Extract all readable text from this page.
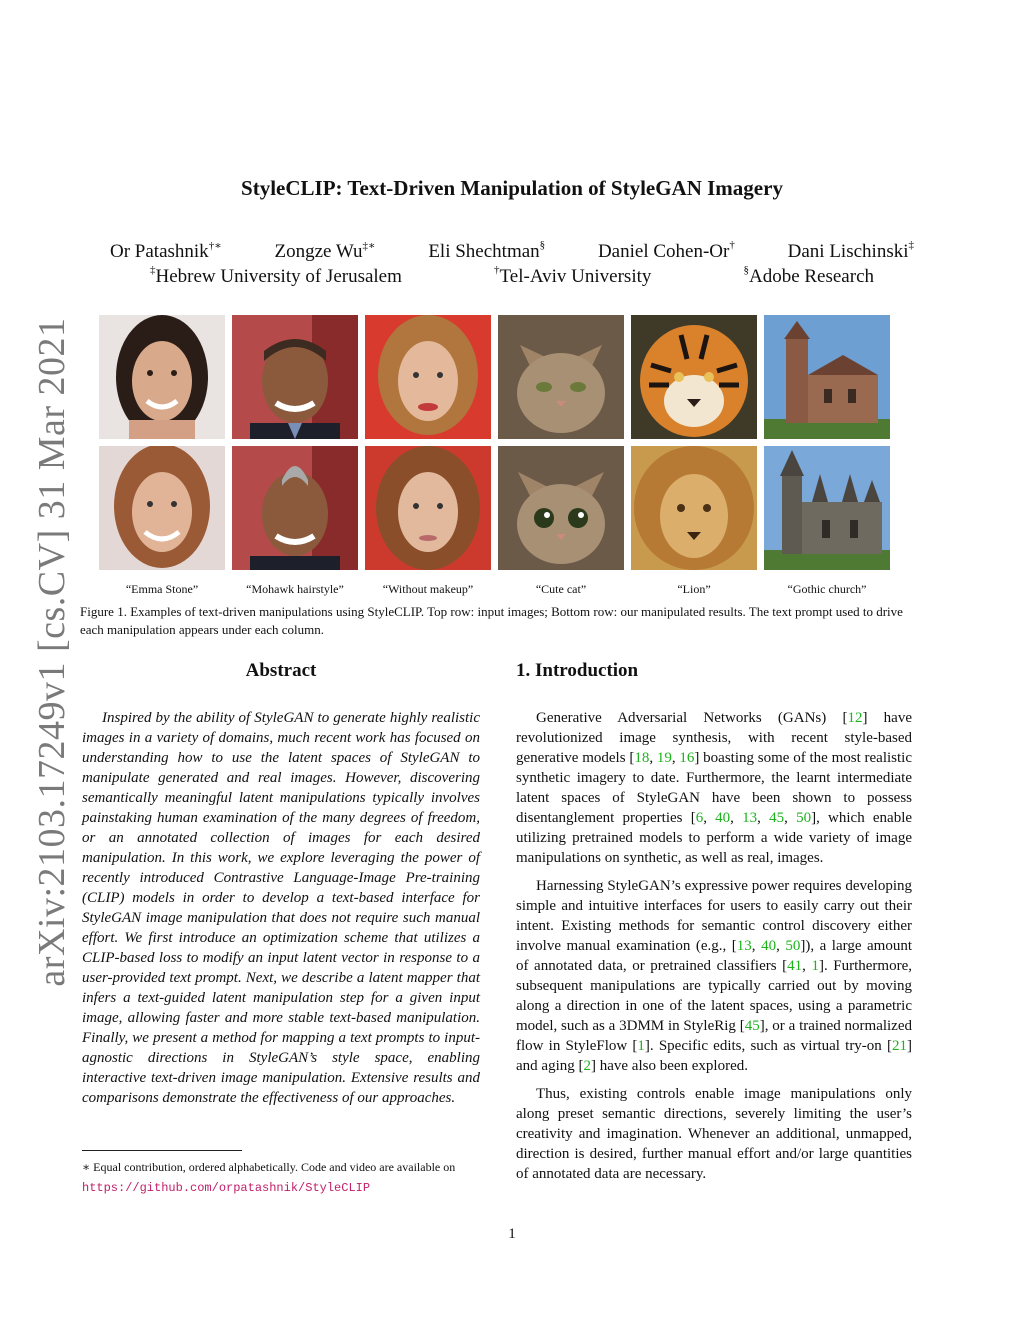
arXiv:2103.17249v1 [cs.CV] 31 Mar 2021
StyleCLIP: Text-Driven Manipulation of StyleGAN Imagery
Or Patashnik†∗	Zongze Wu‡∗	Eli Shechtman§	Daniel Cohen-Or†	Dani Lischinski‡
‡Hebrew University of Jerusalem	†Tel-Aviv University	§Adobe Research
“Emma Stone”	“Mohawk hairstyle”	“Without makeup”	“Cute cat”	“Lion”	“Gothic church”
Figure 1. Examples of text-driven manipulations using StyleCLIP. Top row: input images; Bottom row: our manipulated results. The text prompt used to drive each manipulation appears under each column.
Abstract
Inspired by the ability of StyleGAN to generate highly realistic images in a variety of domains, much recent work has focused on understanding how to use the latent spaces of StyleGAN to manipulate generated and real images. However, discovering semantically meaningful latent manipulations typically involves painstaking human examination of the many degrees of freedom, or an annotated collection of images for each desired manipulation. In this work, we explore leveraging the power of recently introduced Contrastive Language-Image Pre-training (CLIP) models in order to develop a text-based interface for StyleGAN image manipulation that does not require such manual effort. We first introduce an optimization scheme that utilizes a CLIP-based loss to modify an input latent vector in response to a user-provided text prompt. Next, we describe a latent mapper that infers a text-guided latent manipulation step for a given input image, allowing faster and more stable text-based manipulation. Finally, we present a method for mapping a text prompts to input-agnostic directions in StyleGAN’s style space, enabling interactive text-driven image manipulation. Extensive results and comparisons demonstrate the effectiveness of our approaches.
∗ Equal contribution, ordered alphabetically. Code and video are available on https://github.com/orpatashnik/StyleCLIP
1. Introduction

Generative Adversarial Networks (GANs) [12] have revolutionized image synthesis, with recent style-based generative models [18, 19, 16] boasting some of the most realistic synthetic imagery to date. Furthermore, the learnt intermediate latent spaces of StyleGAN have been shown to possess disentanglement properties [6, 40, 13, 45, 50], which enable utilizing pretrained models to perform a wide variety of image manipulations on synthetic, as well as real, images.

Harnessing StyleGAN’s expressive power requires developing simple and intuitive interfaces for users to easily carry out their intent. Existing methods for semantic control discovery either involve manual examination (e.g., [13, 40, 50]), a large amount of annotated data, or pretrained classifiers [41, 1]. Furthermore, subsequent manipulations are typically carried out by moving along a direction in one of the latent spaces, using a parametric model, such as a 3DMM in StyleRig [45], or a trained normalized flow in StyleFlow [1]. Specific edits, such as virtual try-on [21] and aging [2] have also been explored.

Thus, existing controls enable image manipulations only along preset semantic directions, severely limiting the user’s creativity and imagination. Whenever an additional, unmapped, direction is desired, further manual effort and/or large quantities of annotated data are necessary.

1
